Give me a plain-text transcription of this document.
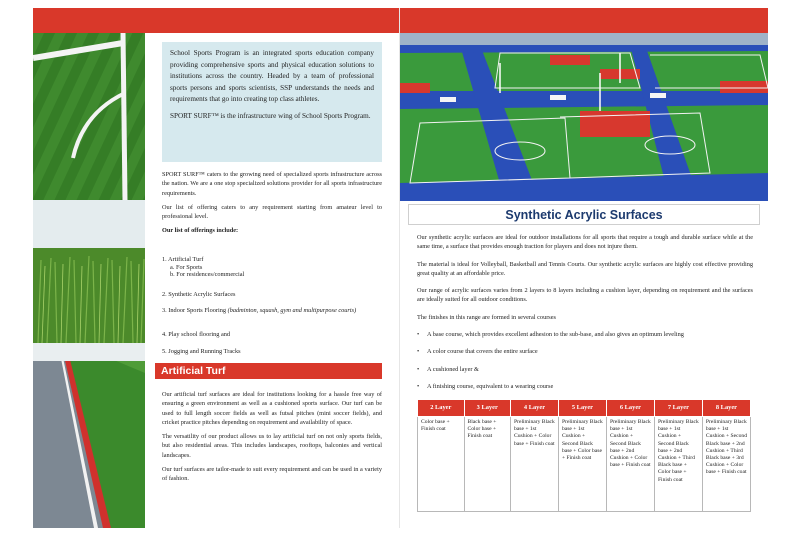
School Sports Program is an integrated sports education company providing comprehensive sports and physical education solutions to institutions across the country. Headed by a team of professional sports persons and sports scientists, SSP understands the needs and requirements that go into creating top class athletes.

SPORT SURF™ is the infrastructure wing of School Sports Program.

SPORT SURF™ caters to the growing need of specialized sports infrastructure across the nation. We are a one stop specialized solutions provider for all sports infrastructure requirements.

Our list of offering caters to any requirement starting from amateur level to professional level.

Our list of offerings include:

1. Artificial Turf
a. For Sports
b. For residences/commercial
2. Synthetic Acrylic Surfaces
3. Indoor Sports Flooring (badminton, squash, gym and multipurpose courts)
4. Play school flooring and
5. Jogging and Running Tracks
Artificial Turf

Our artificial turf surfaces are ideal for institutions looking for a hassle free way of ensuring a green environment as well as a cushioned sports surface. Our turf can be used to full length soccer fields as well as futsal pitches (mini soccer fields), and cricket practice pitches depending on requirement and availability of space.

The versatility of our product allows us to lay artificial turf on not only sports fields, but also residential areas. This includes landscapes, rooftops, balconies and vertical landscapes.

Our turf surfaces are tailor-made to suit every requirement and can be used in a variety of fashion.

Synthetic Acrylic Surfaces

Our synthetic acrylic surfaces are ideal for outdoor installations for all sports that require a tough and durable surface while at the same time, a surface that provides enough traction for players and does not injure them.

The material is ideal for Volleyball, Basketball and Tennis Courts. Our synthetic acrylic surfaces are highly cost effective providing great quality at an affordable price.

Our range of acrylic surfaces varies from 2 layers to 8 layers including a cushion layer, depending on requirement and the surfaces are ideally suited for all outdoor conditions.

The finishes in this range are formed in several courses

• A base course, which provides excellent adhesion to the sub-base, and also gives an optimum leveling
• A color course that covers the entire surface
• A cushioned layer &
• A finishing course, equivalent to a wearing course
2 Layer	3 Layer	4 Layer	5 Layer	6 Layer	7 Layer	8 Layer
Color base + Finish coat	Black base + Color base + Finish coat	Preliminary Black base + 1st Cushion + Color base + Finish coat	Preliminary Black base + 1st Cushion + Second Black base + Color base + Finish coat	Preliminary Black base + 1st Cushion + Second Black base + 2nd Cushion + Color base + Finish coat	Preliminary Black base + 1st Cushion + Second Black base + 2nd Cushion + Third Black base + Color base + Finish coat	Preliminary Black base + 1st Cushion + Second Black base + 2nd Cushion + Third Black base + 3rd Cushion + Color base + Finish coat
